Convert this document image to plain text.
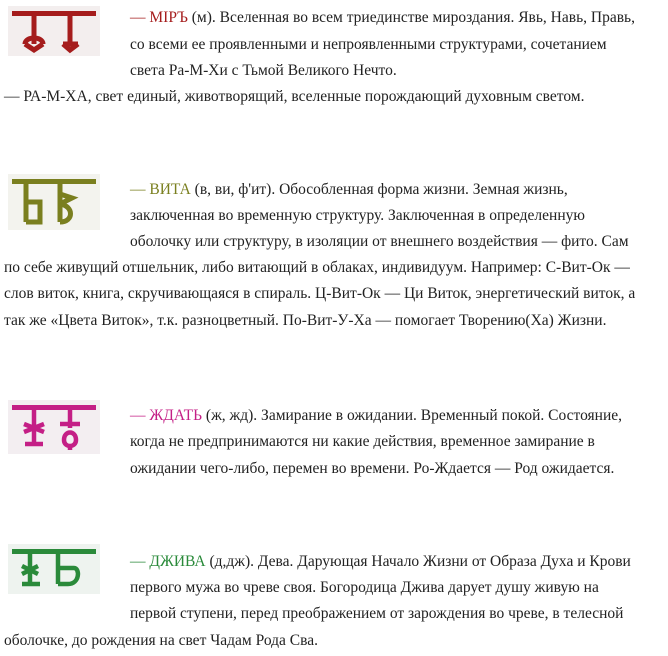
— МІРЪ (м). Вселенная во всем триединстве мироздания. Явь, Навь, Правь,
со всеми ее проявленными и непроявленными структурами, сочетанием
света Ра-М-Хи с Тьмой Великого Нечто.
— РА-М-ХА, свет единый, животворящий, вселенные порождающий духовным светом.
— ВИТА (в, ви, ф'ит). Обособленная форма жизни. Земная жизнь,
заключенная во временную структуру. Заключенная в определенную
оболочку или структуру, в изоляции от внешнего воздействия — фито. Сам
по себе живущий отшельник, либо витающий в облаках, индивидуум. Например: С-Вит-Ок —
слов виток, книга, скручивающаяся в спираль. Ц-Вит-Ок — Ци Виток, энергетический виток, а
так же «Цвета Виток», т.к. разноцветный. По-Вит-У-Ха — помогает Творению(Ха) Жизни.
— ЖДАТЬ (ж, жд). Замирание в ожидании. Временный покой. Состояние,
когда не предпринимаются ни какие действия, временное замирание в
ожидании чего-либо, перемен во времени. Ро-Ждается — Род ожидается.
— ДЖИВА (д,дж). Дева. Дарующая Начало Жизни от Образа Духа и Крови
первого мужа во чреве своя. Богородица Джива дарует душу живую на
первой ступени, перед преображением от зарождения во чреве, в телесной
оболочке, до рождения на свет Чадам Рода Сва.
